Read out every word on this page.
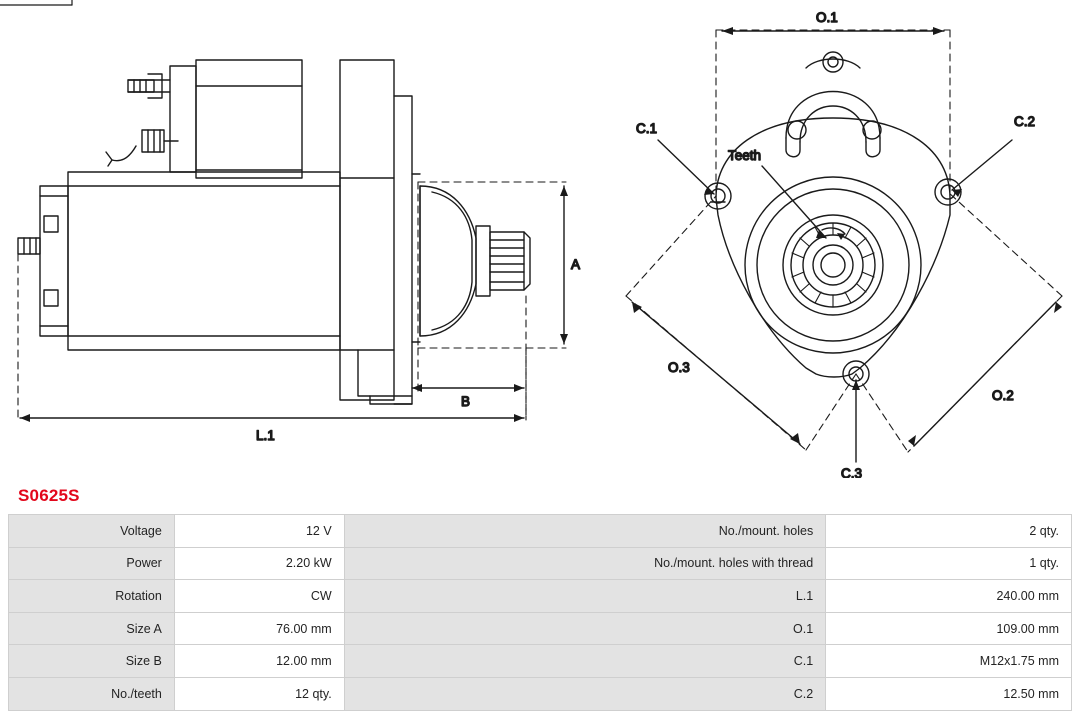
A
B
L.1
O.1
O.2
O.3
C.1	C.2
C.3
Teeth
S0625S
Voltage	12 V	No./mount. holes	2 qty.
Power	2.20 kW	No./mount. holes with thread	1 qty.
Rotation	CW	L.1	240.00 mm
Size A	76.00 mm	O.1	109.00 mm
Size B	12.00 mm	C.1	M12x1.75 mm
No./teeth	12 qty.	C.2	12.50 mm
